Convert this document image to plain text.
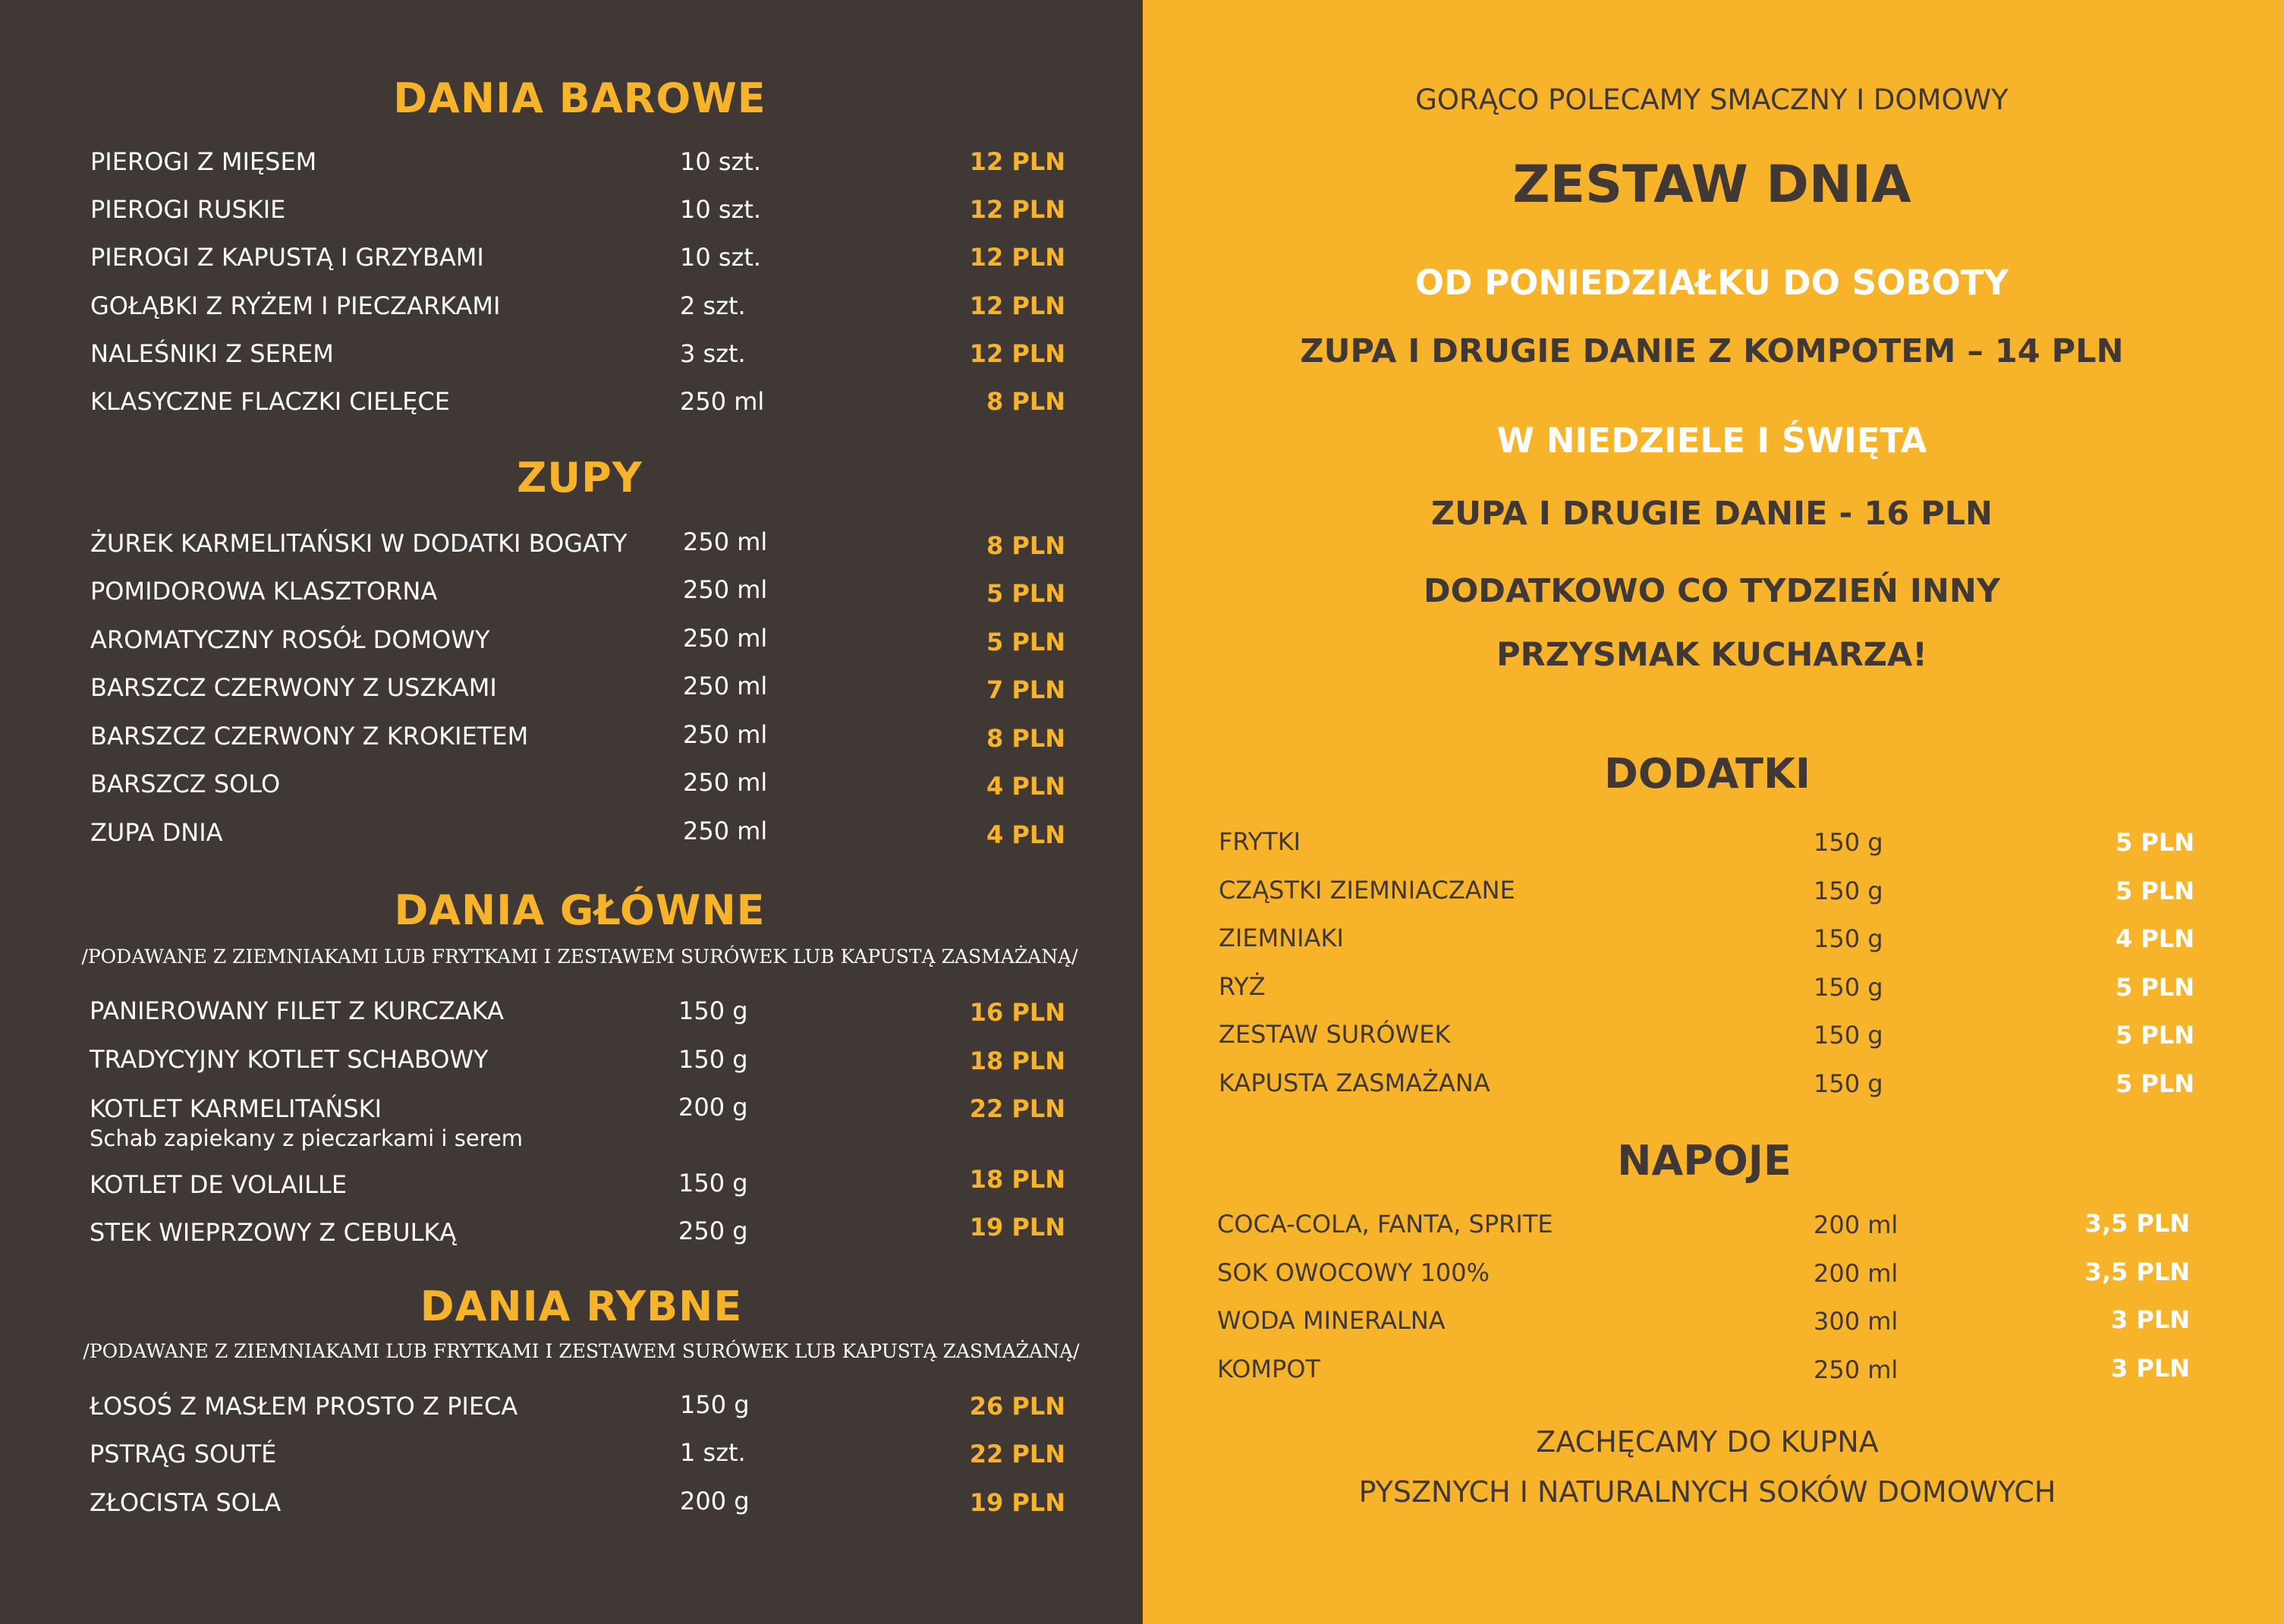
DANIA BAROWE
PIEROGI Z MIĘSEM	10 szt.	12 PLN
PIEROGI RUSKIE	10 szt.	12 PLN
PIEROGI Z KAPUSTĄ I GRZYBAMI	10 szt.	12 PLN
GOŁĄBKI Z RYŻEM I PIECZARKAMI	2 szt.	12 PLN
NALEŚNIKI Z SEREM	3 szt.	12 PLN
KLASYCZNE FLACZKI CIELĘCE	250 ml	8 PLN
ZUPY
ŻUREK KARMELITAŃSKI W DODATKI BOGATY 250 ml	8 PLN
POMIDOROWA KLASZTORNA	250 ml	5 PLN
AROMATYCZNY ROSÓŁ DOMOWY	250 ml	5 PLN
BARSZCZ CZERWONY Z USZKAMI	250 ml	7 PLN
BARSZCZ CZERWONY Z KROKIETEM	250 ml	8 PLN
BARSZCZ SOLO	250 ml	4 PLN
ZUPA DNIA	250 ml	4 PLN
DANIA GŁÓWNE
/PODAWANE Z ZIEMNIAKAMI LUB FRYTKAMI I ZESTAWEM SURÓWEK LUB KAPUSTĄ ZASMAŻANĄ/
PANIEROWANY FILET Z KURCZAKA	150 g	16 PLN
TRADYCYJNY KOTLET SCHABOWY	150 g	18 PLN
KOTLET KARMELITAŃSKI
Schab zapiekany z pieczarkami i serem
200 g	22 PLN
KOTLET DE VOLAILLE	150 g	18 PLN
STEK WIEPRZOWY Z CEBULKĄ	250 g	19 PLN
DANIA RYBNE
/PODAWANE Z ZIEMNIAKAMI LUB FRYTKAMI I ZESTAWEM SURÓWEK LUB KAPUSTĄ ZASMAŻANĄ/
ŁOSOŚ Z MASŁEM PROSTO Z PIECA	150 g	26 PLN
PSTRĄG SOUTÉ	1 szt.	22 PLN
ZŁOCISTA SOLA	200 g	19 PLN
GORĄCO POLECAMY SMACZNY I DOMOWY
ZESTAW DNIA
OD PONIEDZIAŁKU DO SOBOTY
ZUPA I DRUGIE DANIE Z KOMPOTEM – 14 PLN
W NIEDZIELE I ŚWIĘTA
ZUPA I DRUGIE DANIE - 16 PLN
DODATKOWO CO TYDZIEŃ INNY
PRZYSMAK KUCHARZA!
DODATKI
FRYTKI	150 g	5 PLN
CZĄSTKI ZIEMNIACZANE	150 g	5 PLN
ZIEMNIAKI	150 g	4 PLN
RYŻ	150 g	5 PLN
ZESTAW SURÓWEK	150 g	5 PLN
KAPUSTA ZASMAŻANA	150 g	5 PLN
NAPOJE
COCA-COLA, FANTA, SPRITE	200 ml	3,5 PLN
SOK OWOCOWY 100%	200 ml	3,5 PLN
WODA MINERALNA	300 ml	3 PLN
KOMPOT	250 ml	3 PLN
ZACHĘCAMY DO KUPNA
PYSZNYCH I NATURALNYCH SOKÓW DOMOWYCH
